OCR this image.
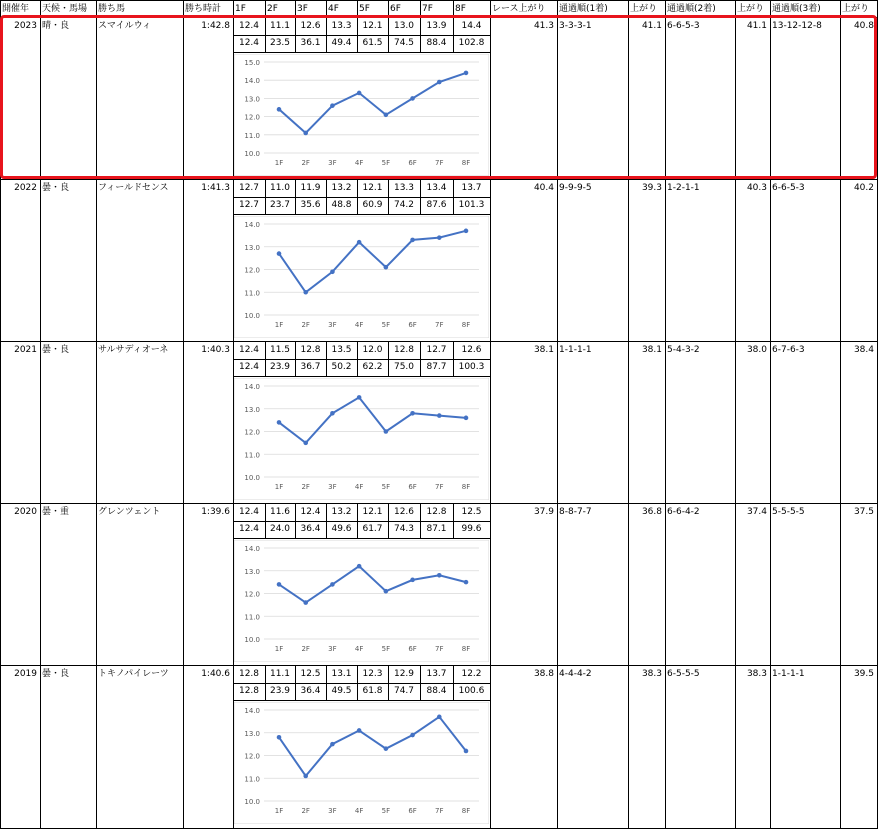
開催年	天候・馬場	勝ち馬	勝ち時計	1F	2F	3F	4F	5F	6F	7F	8F	レース上がり	通過順(1着)	上がり	通過順(2着)	上がり 通過順(3着)	上がり
2023 晴・良	スマイルウィ	1:42.8 12.4	11.1	12.6	13.3	12.1	13.0	13.9	14.4
12.4	23.5	36.1	49.4	61.5	74.5	88.4	102.8
41.3 3-3-3-1	41.1 6-6-5-3	41.1 13-12-12-8	40.8
2022 曇・良	フィールドセンス	1:41.3 12.7	11.0	11.9	13.2	12.1	13.3	13.4	13.7
12.7	23.7	35.6	48.8	60.9	74.2	87.6	101.3
40.4 9-9-9-5	39.3 1-2-1-1	40.3 6-6-5-3	40.2
2021 曇・良	サルサディオーネ	1:40.3 12.4	11.5	12.8	13.5	12.0	12.8	12.7	12.6
12.4	23.9	36.7	50.2	62.2	75.0	87.7	100.3
38.1 1-1-1-1	38.1 5-4-3-2	38.0 6-7-6-3	38.4
2020 曇・重	グレンツェント	1:39.6 12.4	11.6	12.4	13.2	12.1	12.6	12.8	12.5
12.4	24.0	36.4	49.6	61.7	74.3	87.1	99.6
37.9 8-8-7-7	36.8 6-6-4-2	37.4 5-5-5-5	37.5
2019 曇・良	トキノパイレーツ	1:40.6 12.8	11.1	12.5	13.1	12.3	12.9	13.7	12.2
12.8	23.9	36.4	49.5	61.8	74.7	88.4	100.6
38.8 4-4-4-2	38.3 6-5-5-5	38.3 1-1-1-1	39.5
10.0
11.0
12.0
13.0
14.0
15.0
1F	2F	3F	4F	5F	6F	7F	8F
10.0
11.0
12.0
13.0
14.0
1F	2F	3F	4F	5F	6F	7F	8F
10.0
11.0
12.0
13.0
14.0
1F	2F	3F	4F	5F	6F	7F	8F
10.0
11.0
12.0
13.0
14.0
1F	2F	3F	4F	5F	6F	7F	8F
10.0
11.0
12.0
13.0
14.0
1F	2F	3F	4F	5F	6F	7F	8F
